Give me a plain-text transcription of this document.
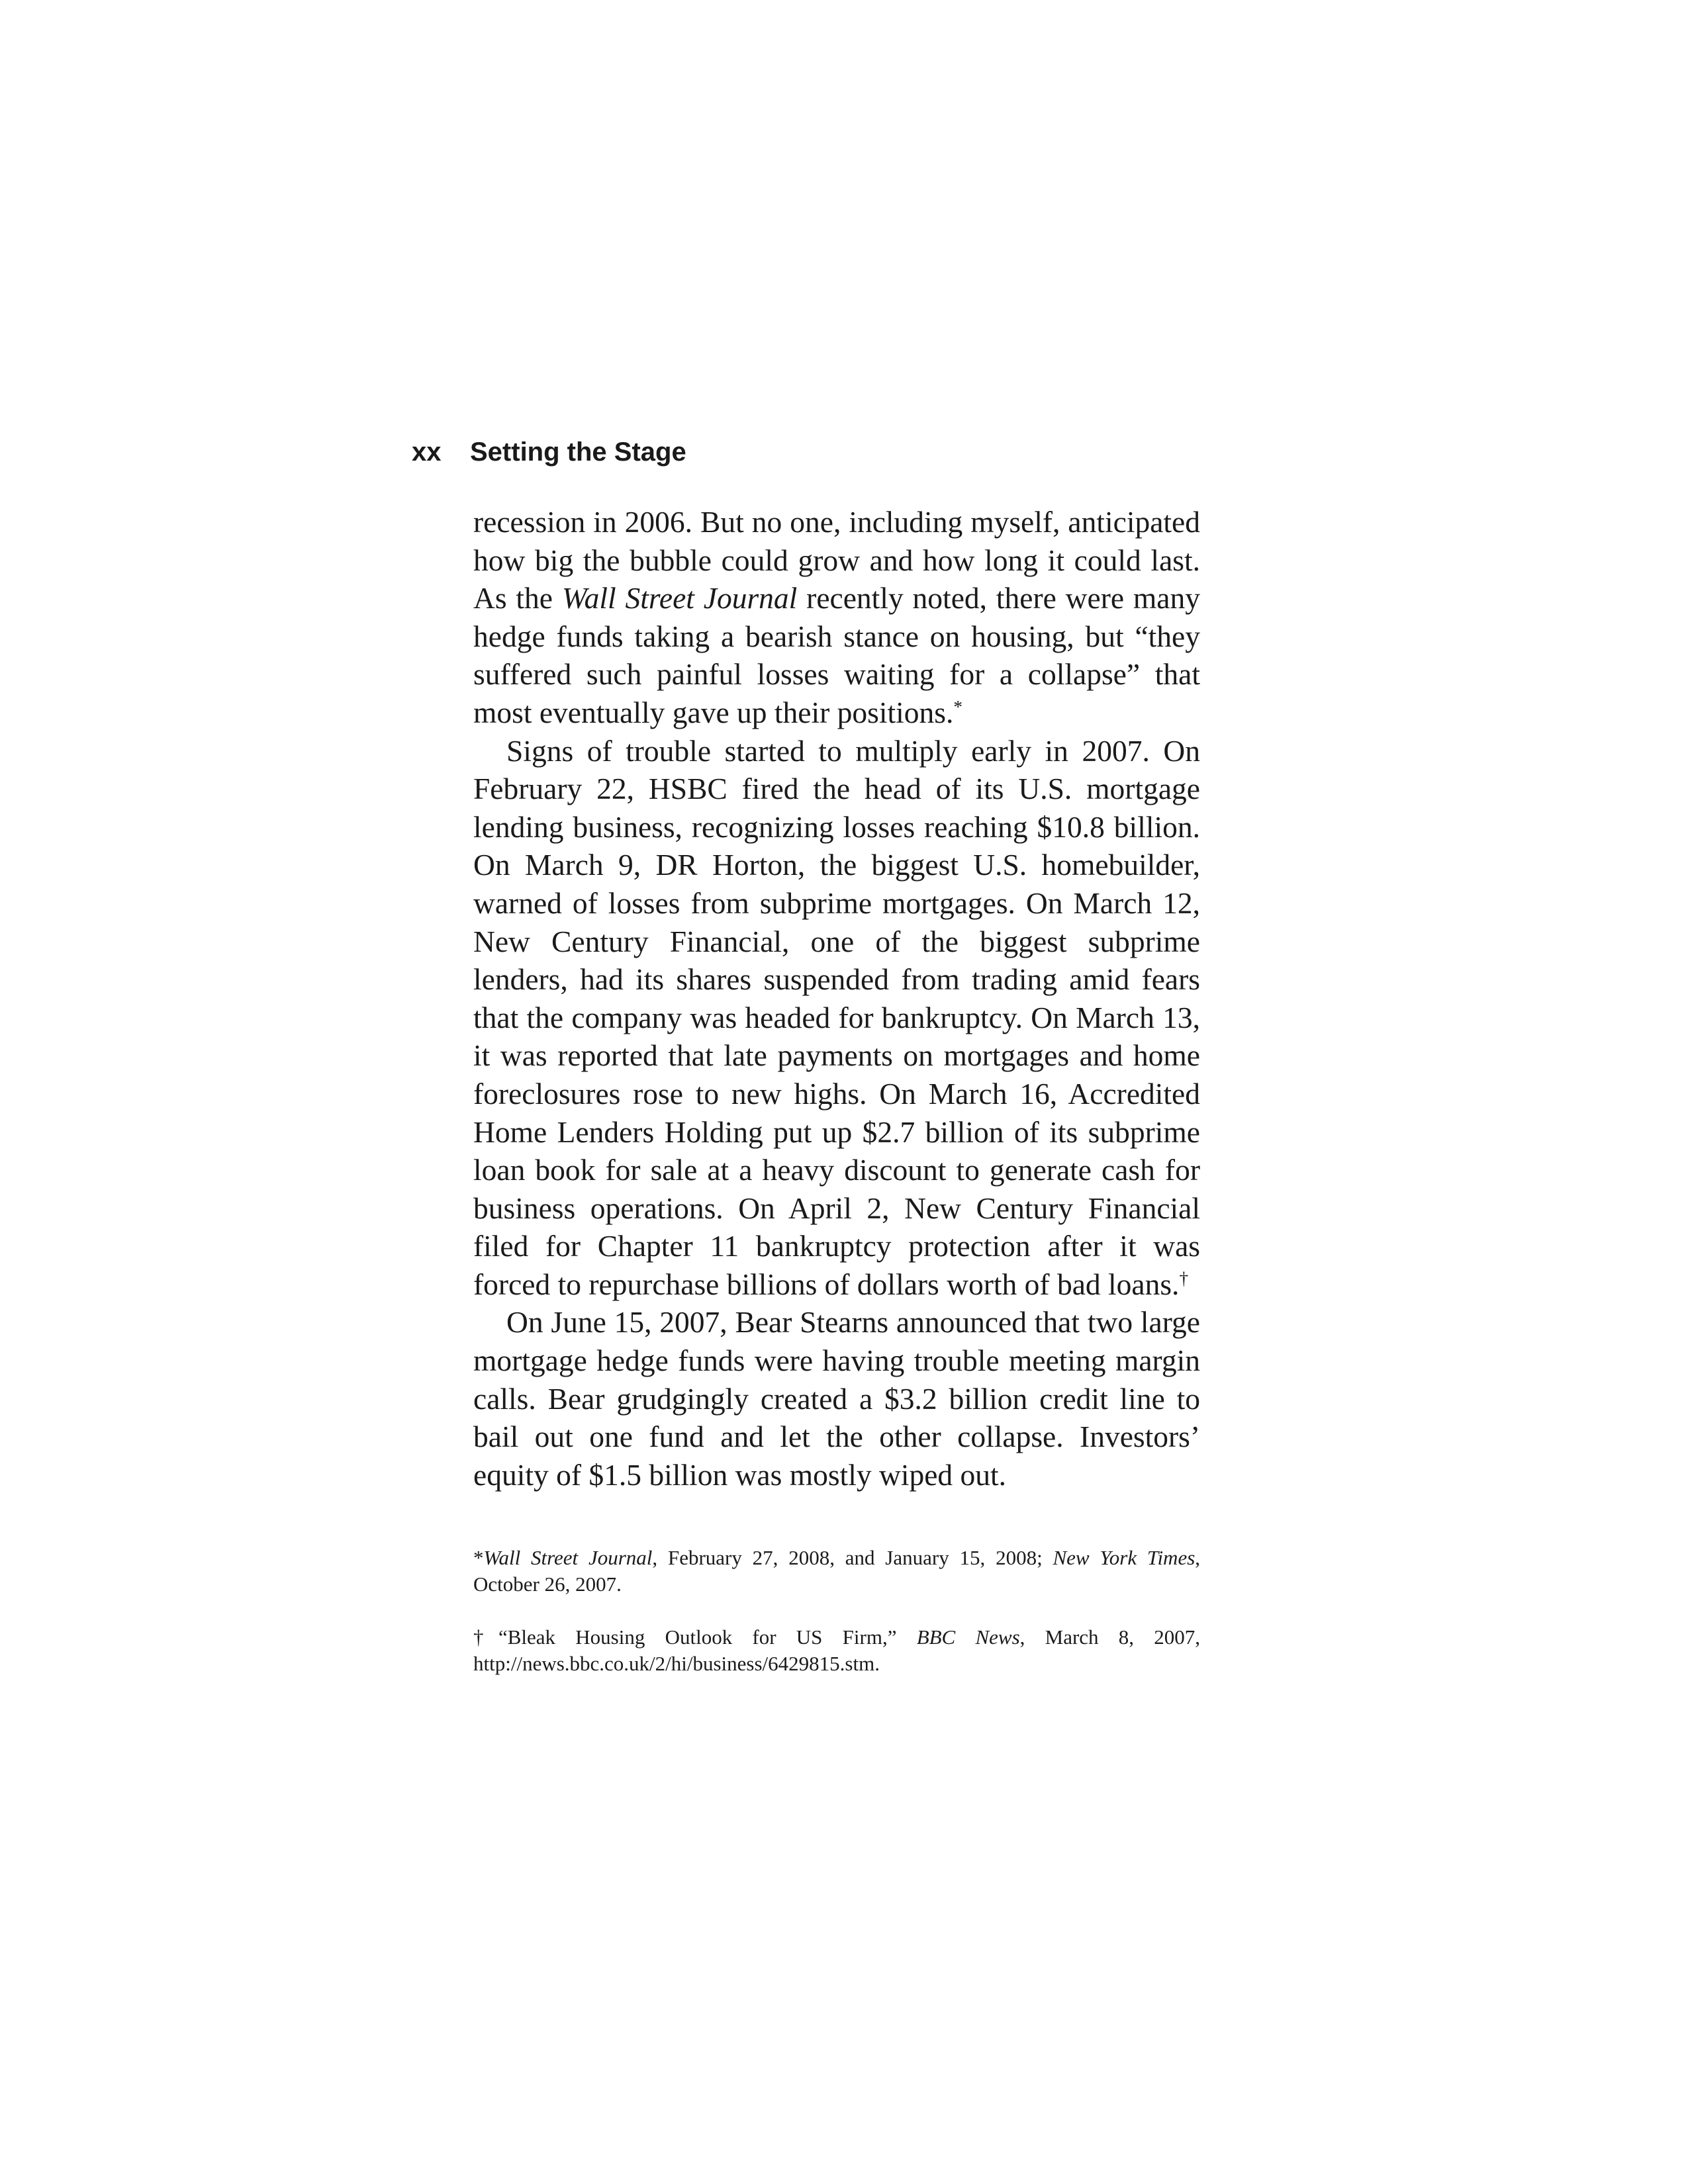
xx Setting the Stage

recession in 2006. But no one, including myself, anticipated how big the bubble could grow and how long it could last. As the Wall Street Journal recently noted, there were many hedge funds taking a bearish stance on housing, but “they suffered such painful losses waiting for a collapse” that most eventually gave up their positions.*

Signs of trouble started to multiply early in 2007. On February 22, HSBC fired the head of its U.S. mortgage lending business, recognizing losses reaching $10.8 billion. On March 9, DR Horton, the biggest U.S. homebuilder, warned of losses from subprime mortgages. On March 12, New Century Financial, one of the biggest subprime lenders, had its shares suspended from trading amid fears that the company was headed for bankruptcy. On March 13, it was reported that late payments on mortgages and home foreclosures rose to new highs. On March 16, Accredited Home Lenders Holding put up $2.7 billion of its subprime loan book for sale at a heavy discount to generate cash for business operations. On April 2, New Century Financial filed for Chapter 11 bankruptcy protection after it was forced to repurchase billions of dollars worth of bad loans.†

On June 15, 2007, Bear Stearns announced that two large mortgage hedge funds were having trouble meeting margin calls. Bear grudgingly created a $3.2 billion credit line to bail out one fund and let the other collapse. Investors’ equity of $1.5 billion was mostly wiped out.

*Wall Street Journal, February 27, 2008, and January 15, 2008; New York Times, October 26, 2007.

†“Bleak Housing Outlook for US Firm,” BBC News, March 8, 2007, http://news.bbc.co.uk/2/hi/business/6429815.stm.
